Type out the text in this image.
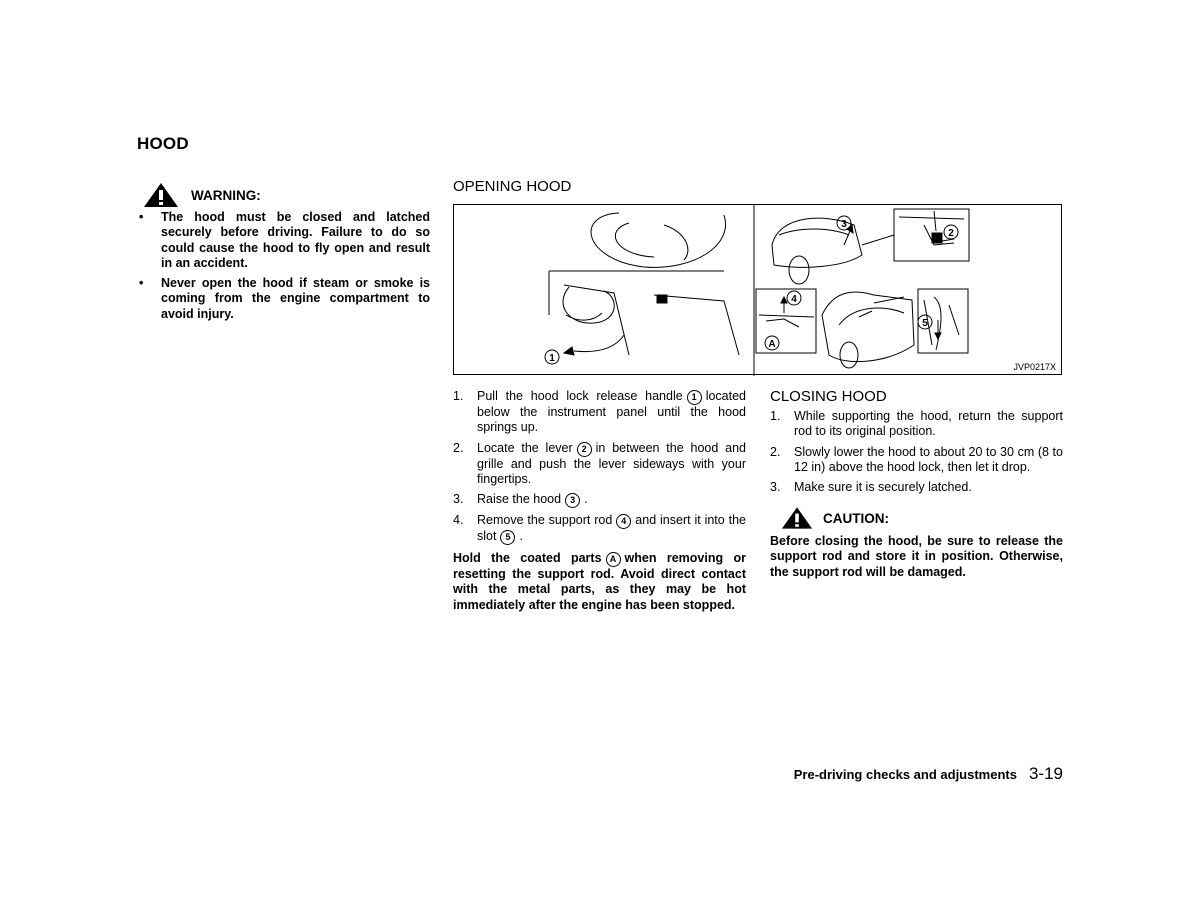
HOOD
WARNING:
• The hood must be closed and latched securely before driving. Failure to do so could cause the hood to fly open and result in an accident.
• Never open the hood if steam or smoke is coming from the engine compartment to avoid injury.
OPENING HOOD
1
3
2
4
A
5
JVP0217X
1. Pull the hood lock release handle 1 located below the instrument panel until the hood springs up.
2. Locate the lever 2 in between the hood and grille and push the lever sideways with your fingertips.
3. Raise the hood 3 .
4. Remove the support rod 4 and insert it into the slot 5 .
Hold the coated parts A when removing or resetting the support rod. Avoid direct contact with the metal parts, as they may be hot immediately after the engine has been stopped.
CLOSING HOOD
1. While supporting the hood, return the support rod to its original position.
2. Slowly lower the hood to about 20 to 30 cm (8 to 12 in) above the hood lock, then let it drop.
3. Make sure it is securely latched.
CAUTION:
Before closing the hood, be sure to release the support rod and store it in position. Otherwise, the support rod will be damaged.
Pre-driving checks and adjustments 3-19
